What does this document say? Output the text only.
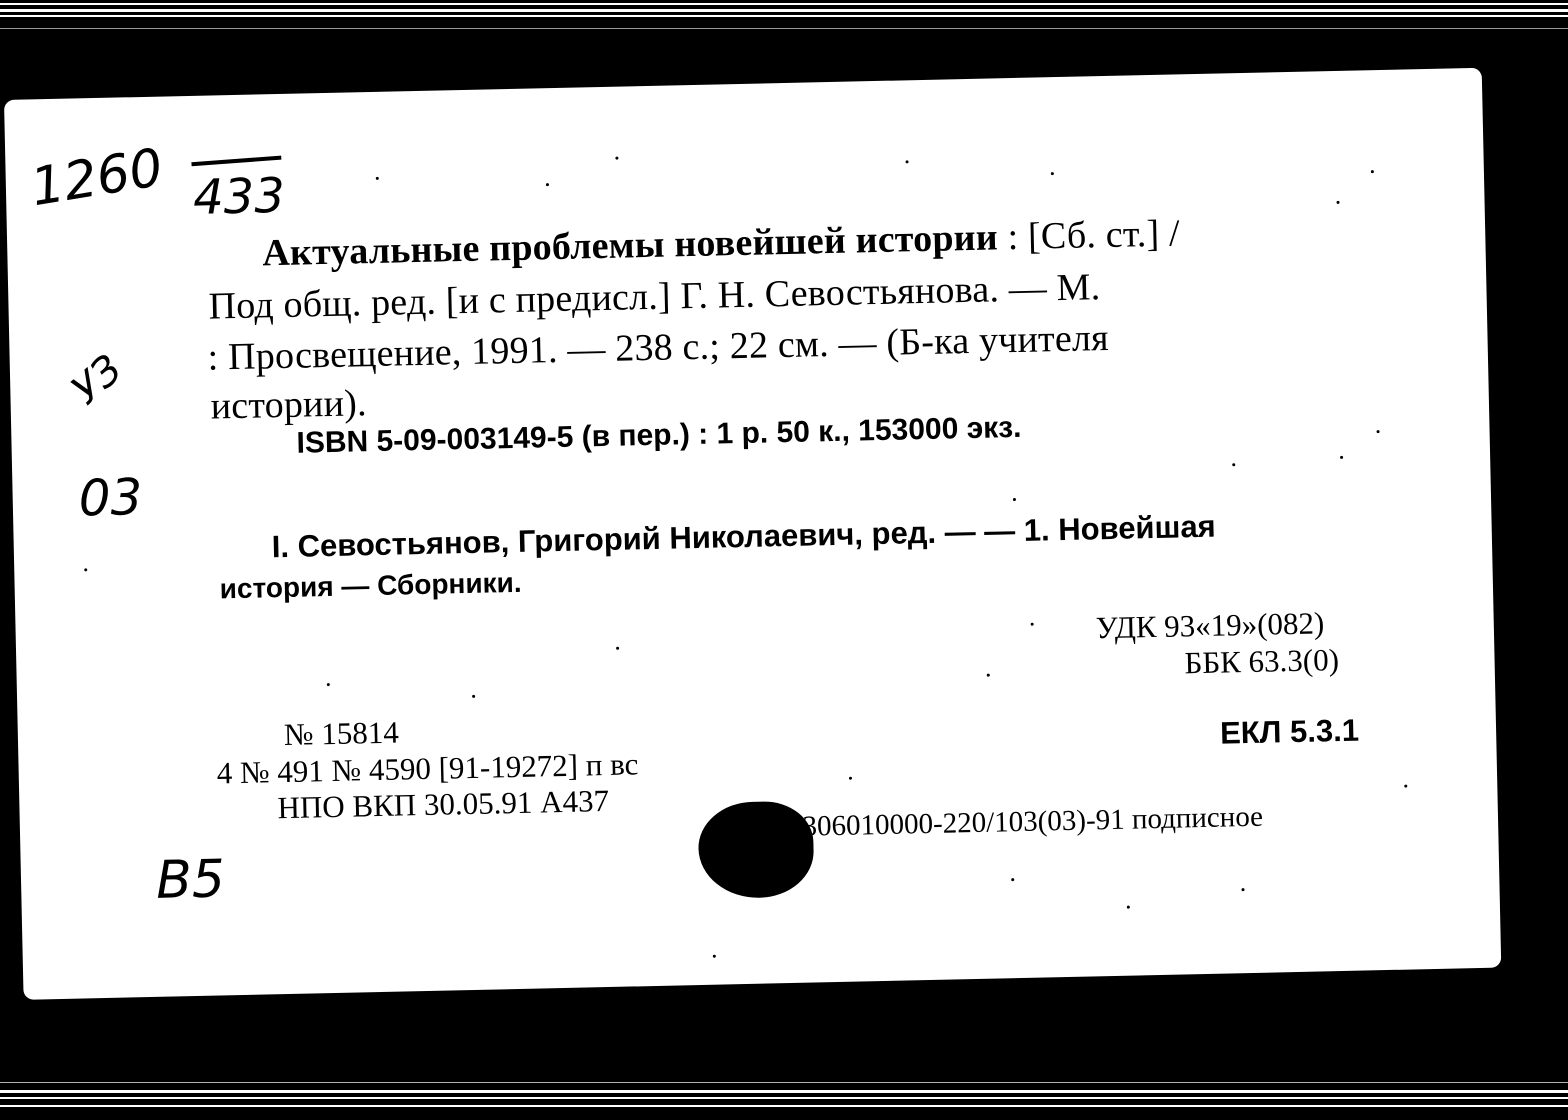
1260 433
УЗ
03
В5
Актуальные проблемы новейшей истории : [Сб. ст.] /
Под общ. ред. [и с предисл.] Г. Н. Севостьянова. — М.
: Просвещение, 1991. — 238 с.; 22 см. — (Б-ка учителя
истории).
ISBN 5-09-003149-5 (в пер.) : 1 р. 50 к., 153000 экз.
I. Севостьянов, Григорий Николаевич, ред. — — 1. Новейшая
история — Сборники.
УДК 93«19»(082)
ББК 63.3(0)
ЕКЛ 5.3.1
№ 15814
4 № 491 № 4590 [91-19272] п вс
НПО ВКП 30.05.91 А437	4306010000-220/103(03)-91 подписное
